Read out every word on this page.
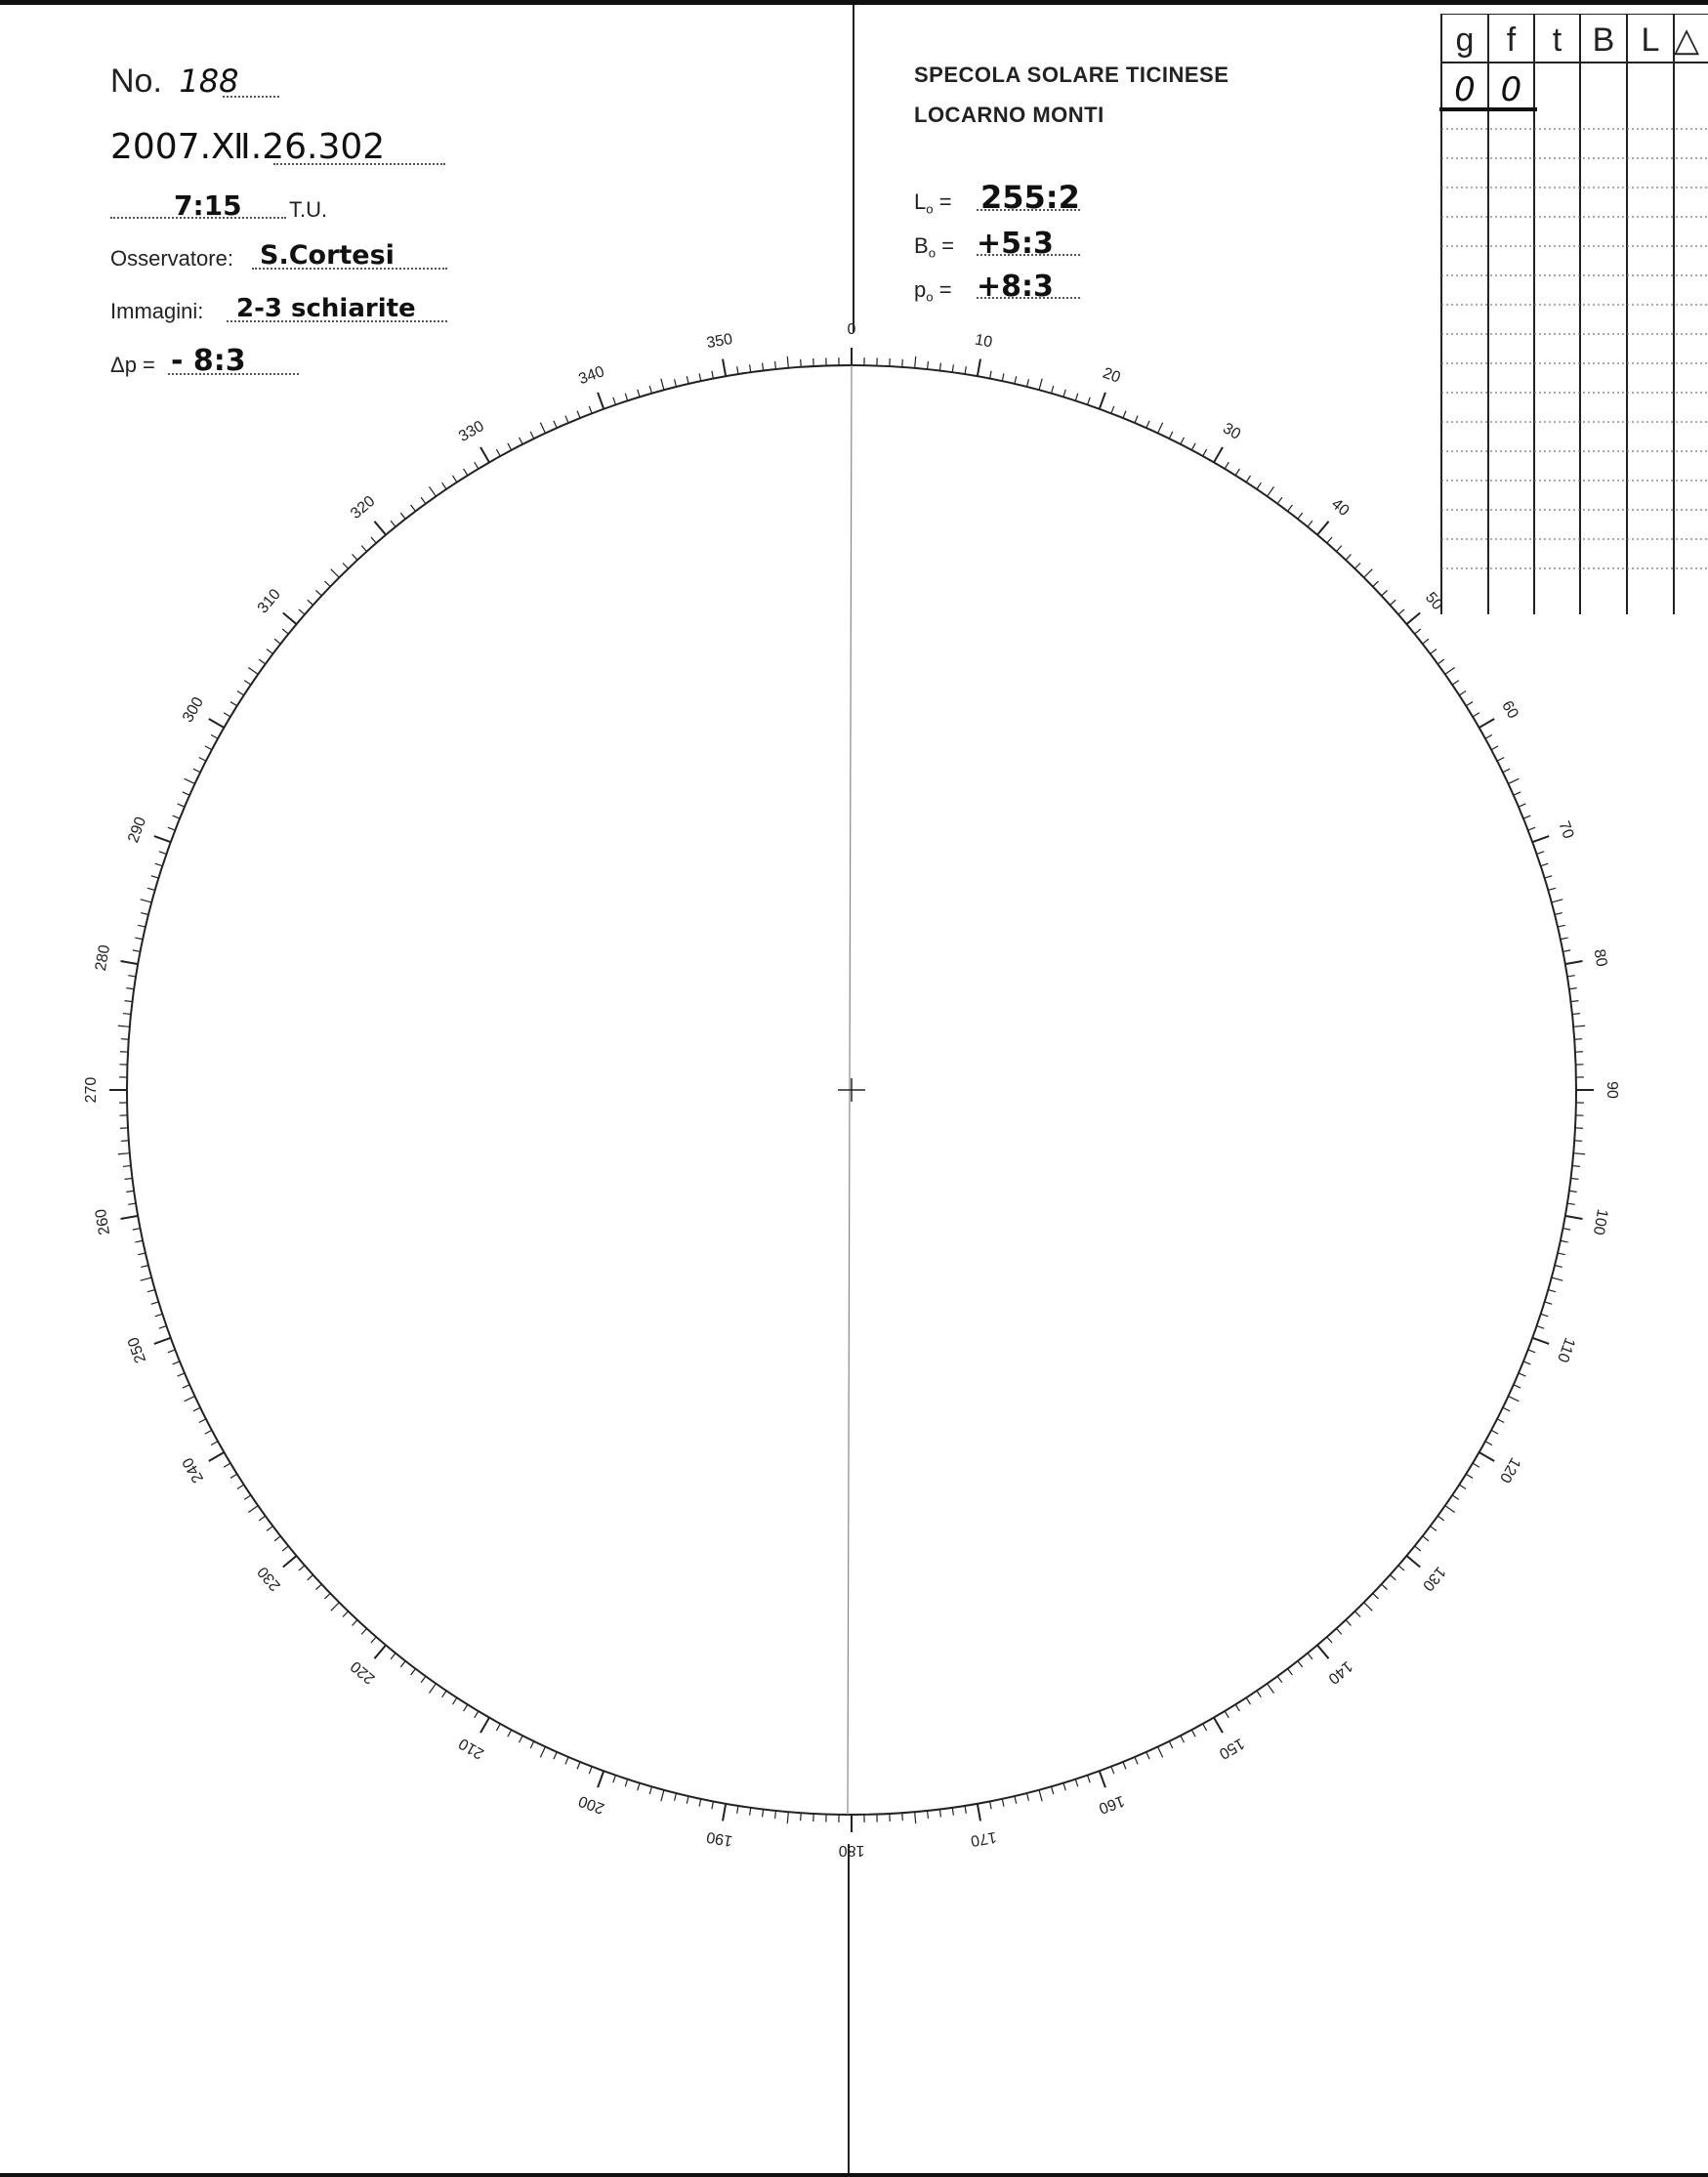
No. 188
2007.Ⅻ.26.302
7:15 T.U.
Osservatore: S.Cortesi
Immagini: 2-3 schiarite
Δp = - 8:3
SPECOLA SOLARE TICINESE
LOCARNO MONTI
$L_o$ = 255:2
$B_o$ = +5:3
$p_o$ = +8:3
g f	t B L △
0 0
0
10
20
30
40
50
60
70
80
90
100
110
120
130
140
150
160
170
180
190
200
210
220
230
240
250
260
270
280
290
300
310
320
330
340
350
